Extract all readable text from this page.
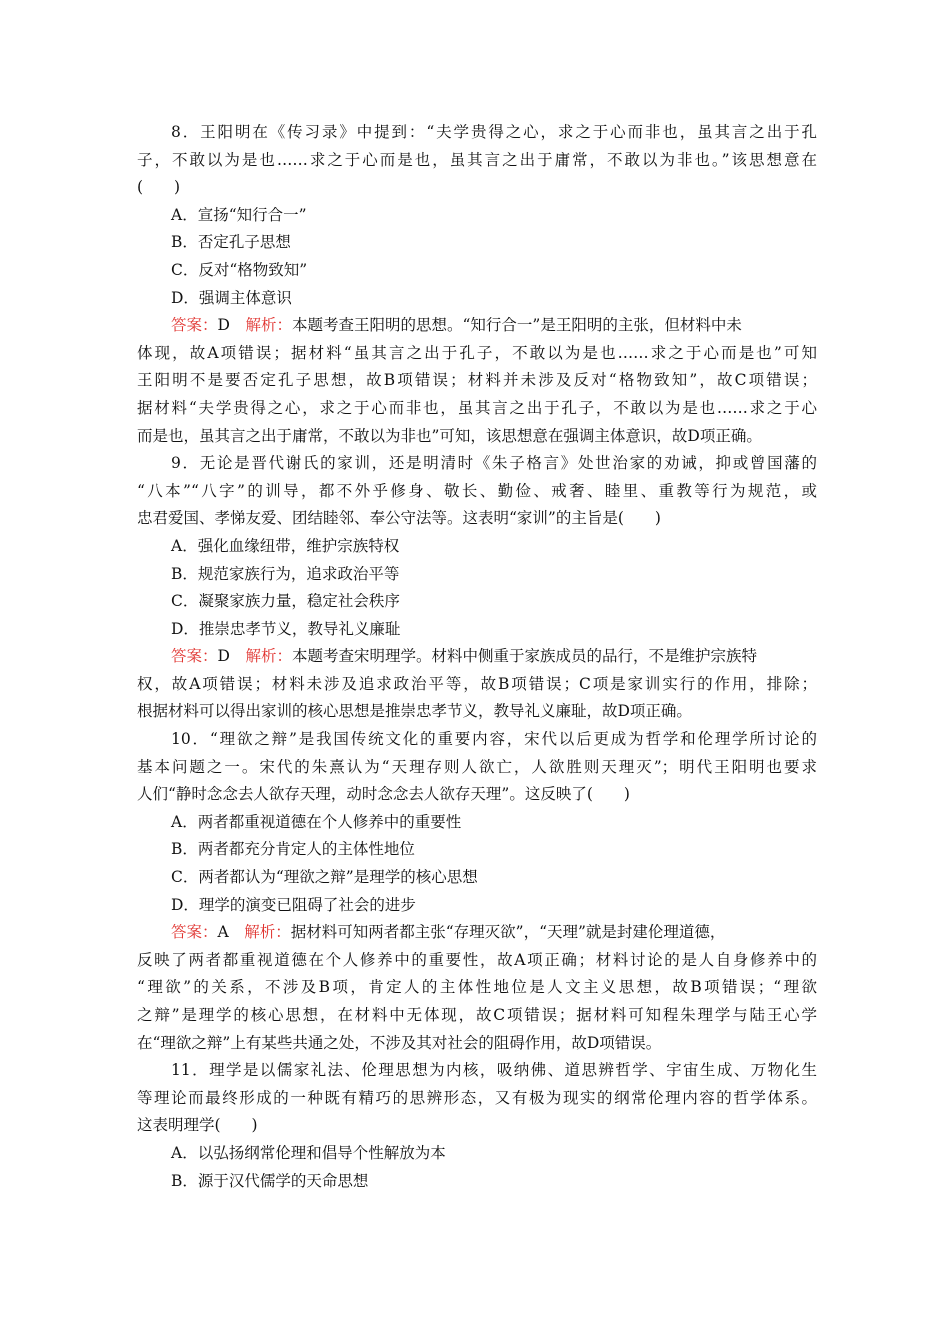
8．王阳明在《传习录》中提到：“夫学贵得之心，求之于心而非也，虽其言之出于孔
子，不敢以为是也……求之于心而是也，虽其言之出于庸常，不敢以为非也。”该思想意在
(　　)
A．宣扬“知行合一”
B．否定孔子思想
C．反对“格物致知”
D．强调主体意识
答案：D　解析：本题考查王阳明的思想。“知行合一”是王阳明的主张，但材料中未
体现，故A项错误；据材料“虽其言之出于孔子，不敢以为是也……求之于心而是也”可知
王阳明不是要否定孔子思想，故B项错误；材料并未涉及反对“格物致知”，故C项错误；
据材料“夫学贵得之心，求之于心而非也，虽其言之出于孔子，不敢以为是也……求之于心
而是也，虽其言之出于庸常，不敢以为非也”可知，该思想意在强调主体意识，故D项正确。
9．无论是晋代谢氏的家训，还是明清时《朱子格言》处世治家的劝诫，抑或曾国藩的
“八本”“八字”的训导，都不外乎修身、敬长、勤俭、戒奢、睦里、重教等行为规范，或
忠君爱国、孝悌友爱、团结睦邻、奉公守法等。这表明“家训”的主旨是(　　)
A．强化血缘纽带，维护宗族特权
B．规范家族行为，追求政治平等
C．凝聚家族力量，稳定社会秩序
D．推崇忠孝节义，教导礼义廉耻
答案：D　解析：本题考查宋明理学。材料中侧重于家族成员的品行，不是维护宗族特
权，故A项错误；材料未涉及追求政治平等，故B项错误；C项是家训实行的作用，排除；
根据材料可以得出家训的核心思想是推崇忠孝节义，教导礼义廉耻，故D项正确。
10．“理欲之辩”是我国传统文化的重要内容，宋代以后更成为哲学和伦理学所讨论的
基本问题之一。宋代的朱熹认为“天理存则人欲亡，人欲胜则天理灭”；明代王阳明也要求
人们“静时念念去人欲存天理，动时念念去人欲存天理”。这反映了(　　)
A．两者都重视道德在个人修养中的重要性
B．两者都充分肯定人的主体性地位
C．两者都认为“理欲之辩”是理学的核心思想
D．理学的演变已阻碍了社会的进步
答案：A　解析：据材料可知两者都主张“存理灭欲”，“天理”就是封建伦理道德，
反映了两者都重视道德在个人修养中的重要性，故A项正确；材料讨论的是人自身修养中的
“理欲”的关系，不涉及B项，肯定人的主体性地位是人文主义思想，故B项错误；“理欲
之辩”是理学的核心思想，在材料中无体现，故C项错误；据材料可知程朱理学与陆王心学
在“理欲之辩”上有某些共通之处，不涉及其对社会的阻碍作用，故D项错误。
11．理学是以儒家礼法、伦理思想为内核，吸纳佛、道思辨哲学、宇宙生成、万物化生
等理论而最终形成的一种既有精巧的思辨形态，又有极为现实的纲常伦理内容的哲学体系。
这表明理学(　　)
A．以弘扬纲常伦理和倡导个性解放为本
B．源于汉代儒学的天命思想
